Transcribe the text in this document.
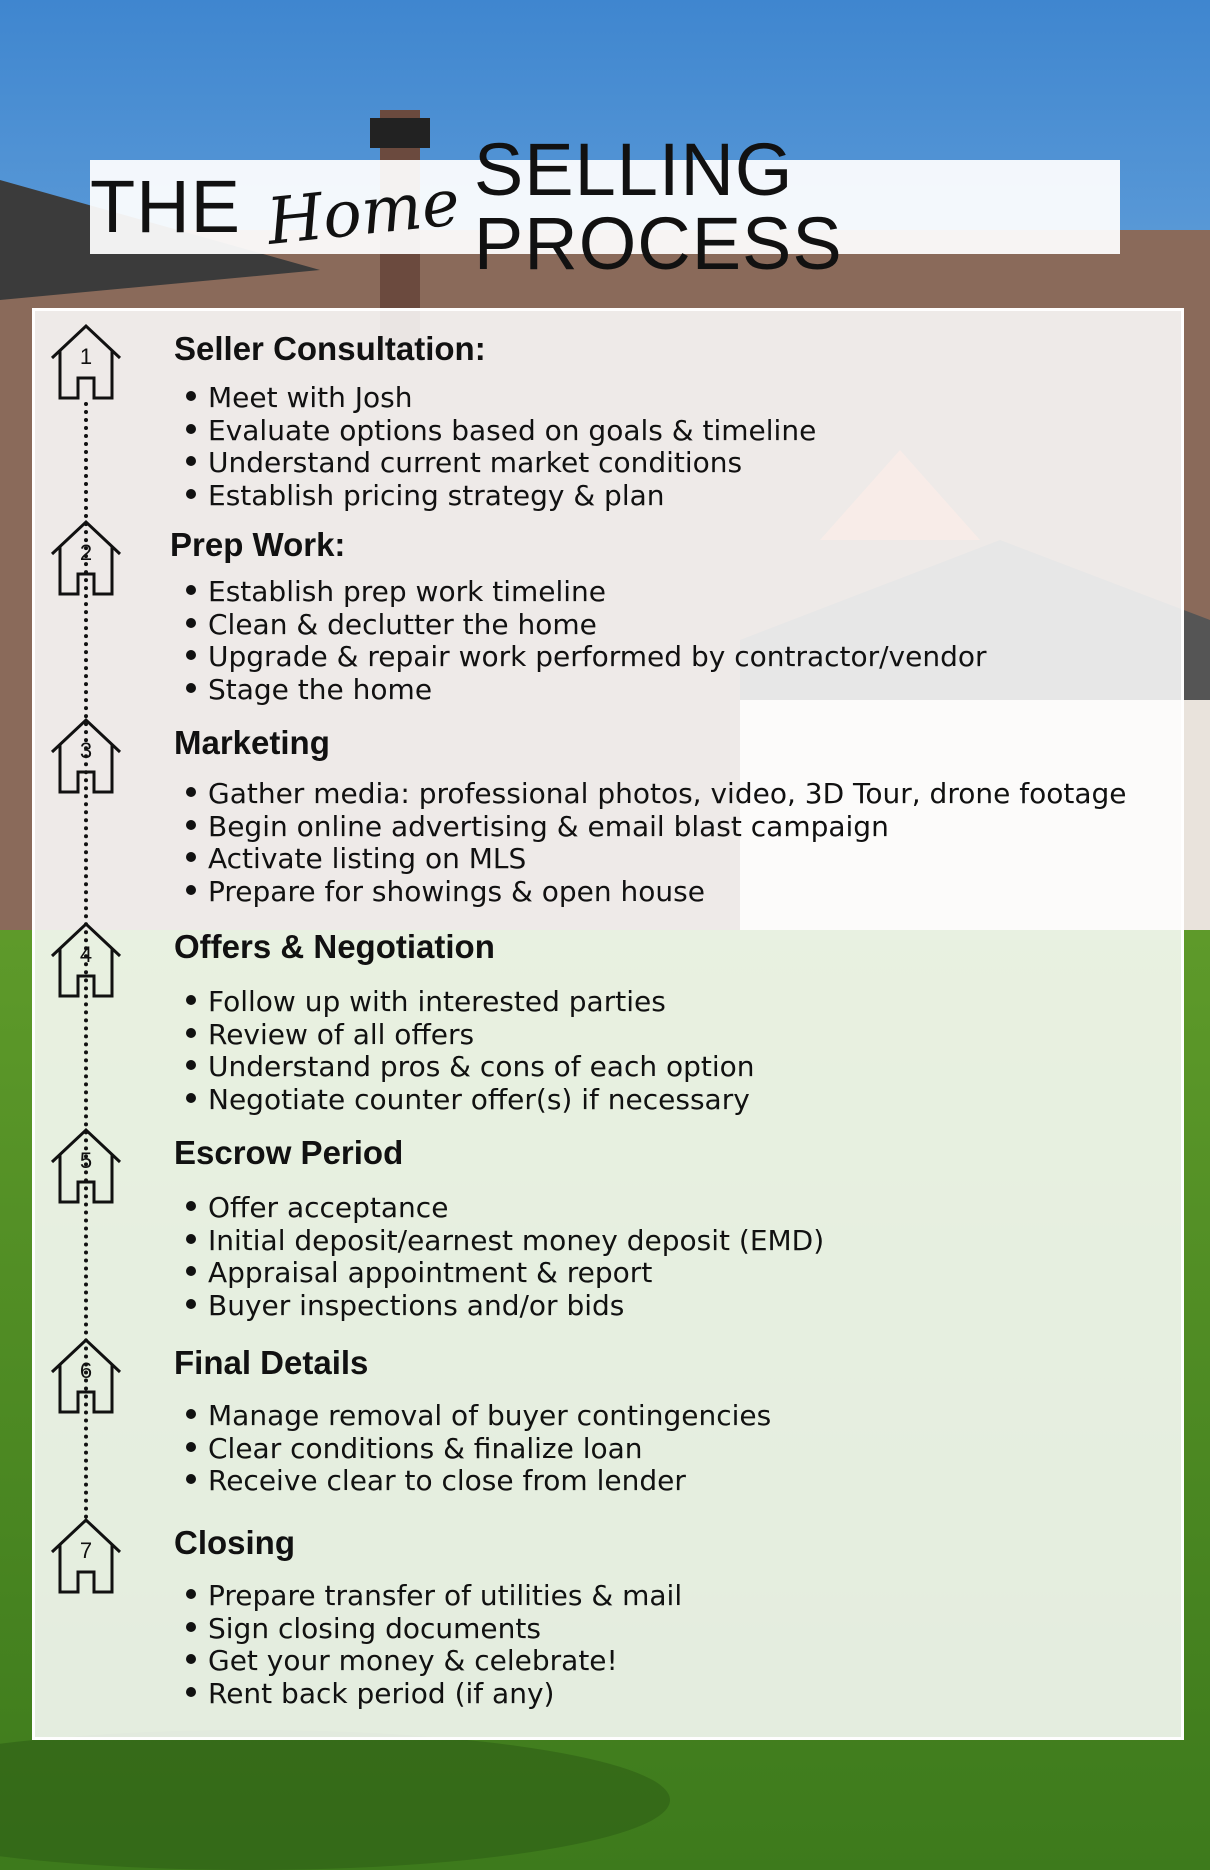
THE Home SELLING PROCESS
1	Seller Consultation:
Meet with Josh
Evaluate options based on goals & timeline
Understand current market conditions
Establish pricing strategy & plan
2	Prep Work:
Establish prep work timeline
Clean & declutter the home
Upgrade & repair work performed by contractor/vendor
Stage the home
3	Marketing
Gather media: professional photos, video, 3D Tour, drone footage
Begin online advertising & email blast campaign
Activate listing on MLS
Prepare for showings & open house
4	Offers & Negotiation
Follow up with interested parties
Review of all offers
Understand pros & cons of each option
Negotiate counter offer(s) if necessary
5	Escrow Period
Offer acceptance
Initial deposit/earnest money deposit (EMD)
Appraisal appointment & report
Buyer inspections and/or bids
6	Final Details
Manage removal of buyer contingencies
Clear conditions & finalize loan
Receive clear to close from lender
7	Closing
Prepare transfer of utilities & mail
Sign closing documents
Get your money & celebrate!
Rent back period (if any)
